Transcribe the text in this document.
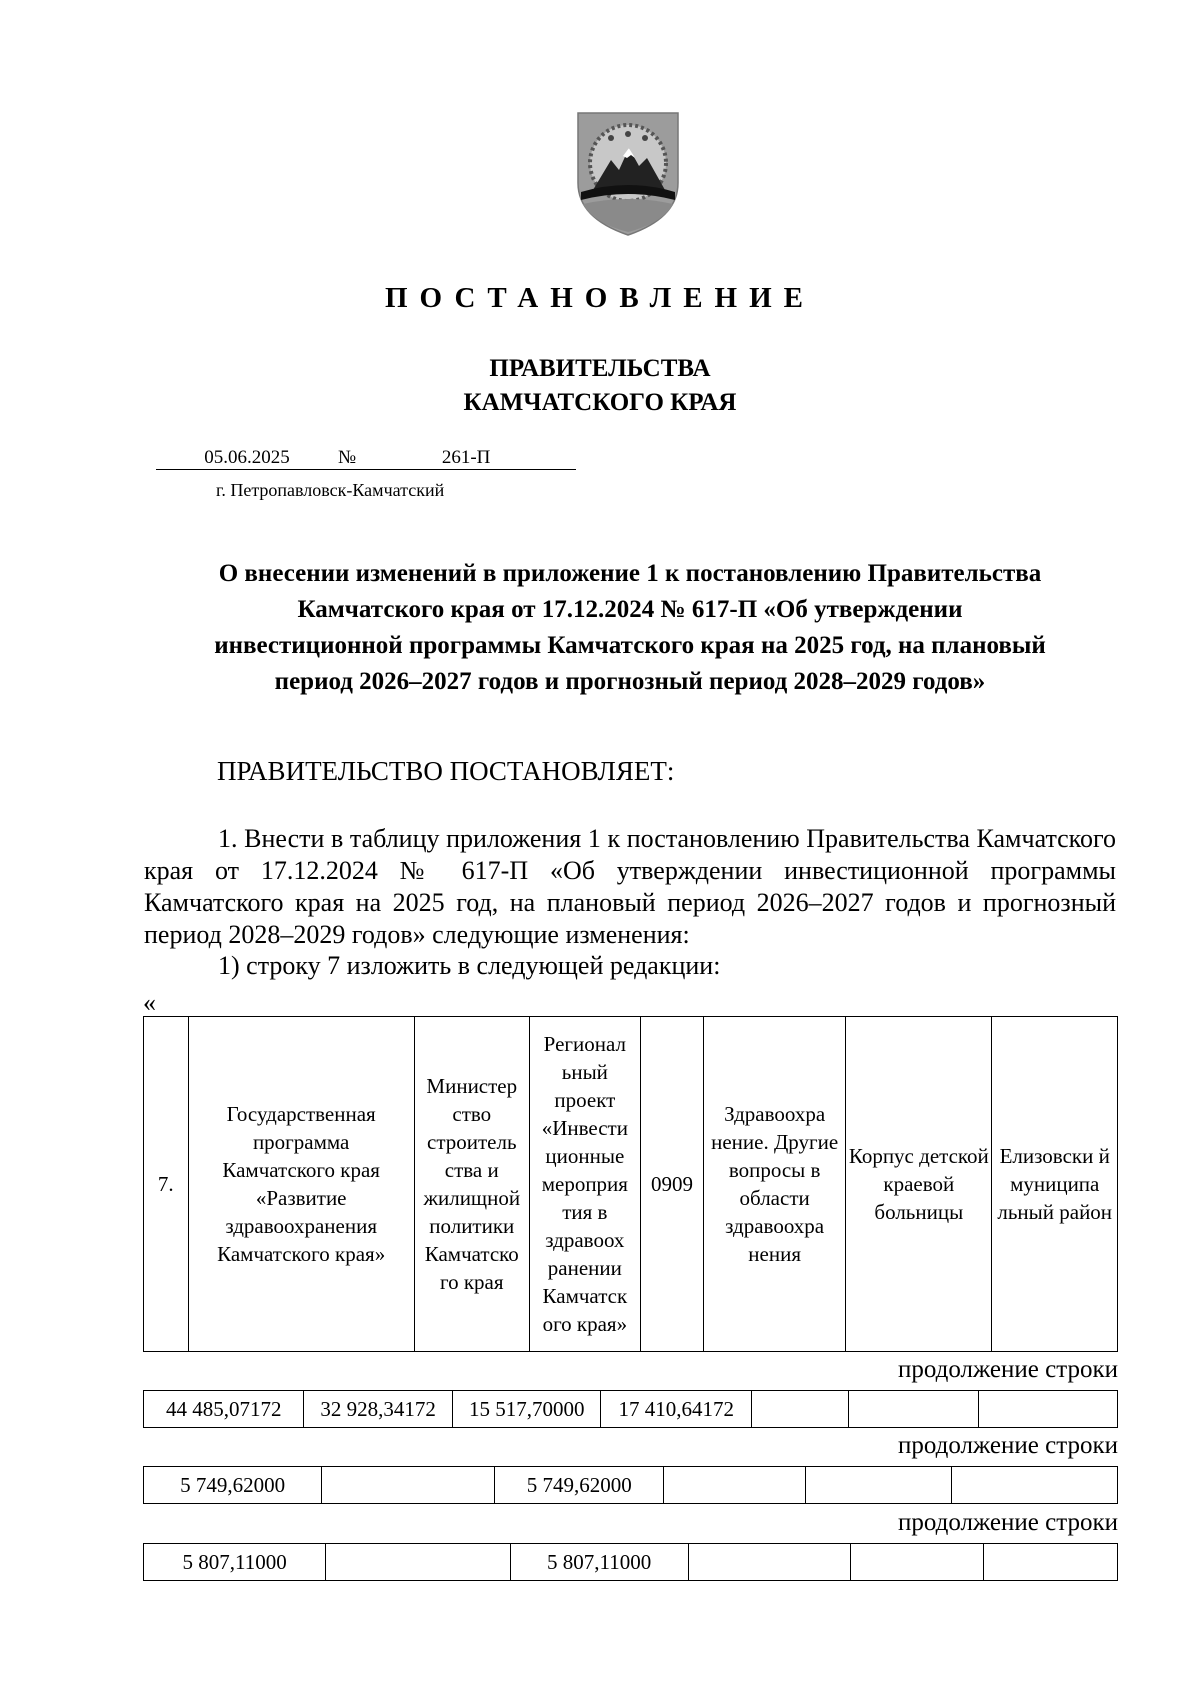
ПОСТАНОВЛЕНИЕ
ПРАВИТЕЛЬСТВА
КАМЧАТСКОГО КРАЯ
05.06.2025	№	261-П
г. Петропавловск-Камчатский
О внесении изменений в приложение 1 к постановлению Правительства
Камчатского края от 17.12.2024 № 617-П «Об утверждении
инвестиционной программы Камчатского края на 2025 год, на плановый
период 2026–2027 годов и прогнозный период 2028–2029 годов»
ПРАВИТЕЛЬСТВО ПОСТАНОВЛЯЕТ:

1. Внести в таблицу приложения 1 к постановлению Правительства Камчатского края от 17.12.2024 № 617-П «Об утверждении инвестиционной программы Камчатского края на 2025 год, на плановый период 2026–2027 годов и прогнозный период 2028–2029 годов» следующие изменения:

1) строку 7 изложить в следующей редакции:
«
7.	Государственная программа Камчатского края «Развитие здравоохранения Камчатского края»	Министер ство строитель ства и жилищной политики Камчатско го края	Регионал ьный проект «Инвести ционные мероприя тия в здравоох ранении Камчатск ого края»	0909	Здравоохра нение. Другие вопросы в области здравоохра нения	Корпус детской краевой больницы	Елизовски й муниципа льный район
продолжение строки
44 485,07172	32 928,34172	15 517,70000	17 410,64172			
продолжение строки
5 749,62000		5 749,62000			
продолжение строки
5 807,11000		5 807,11000			
